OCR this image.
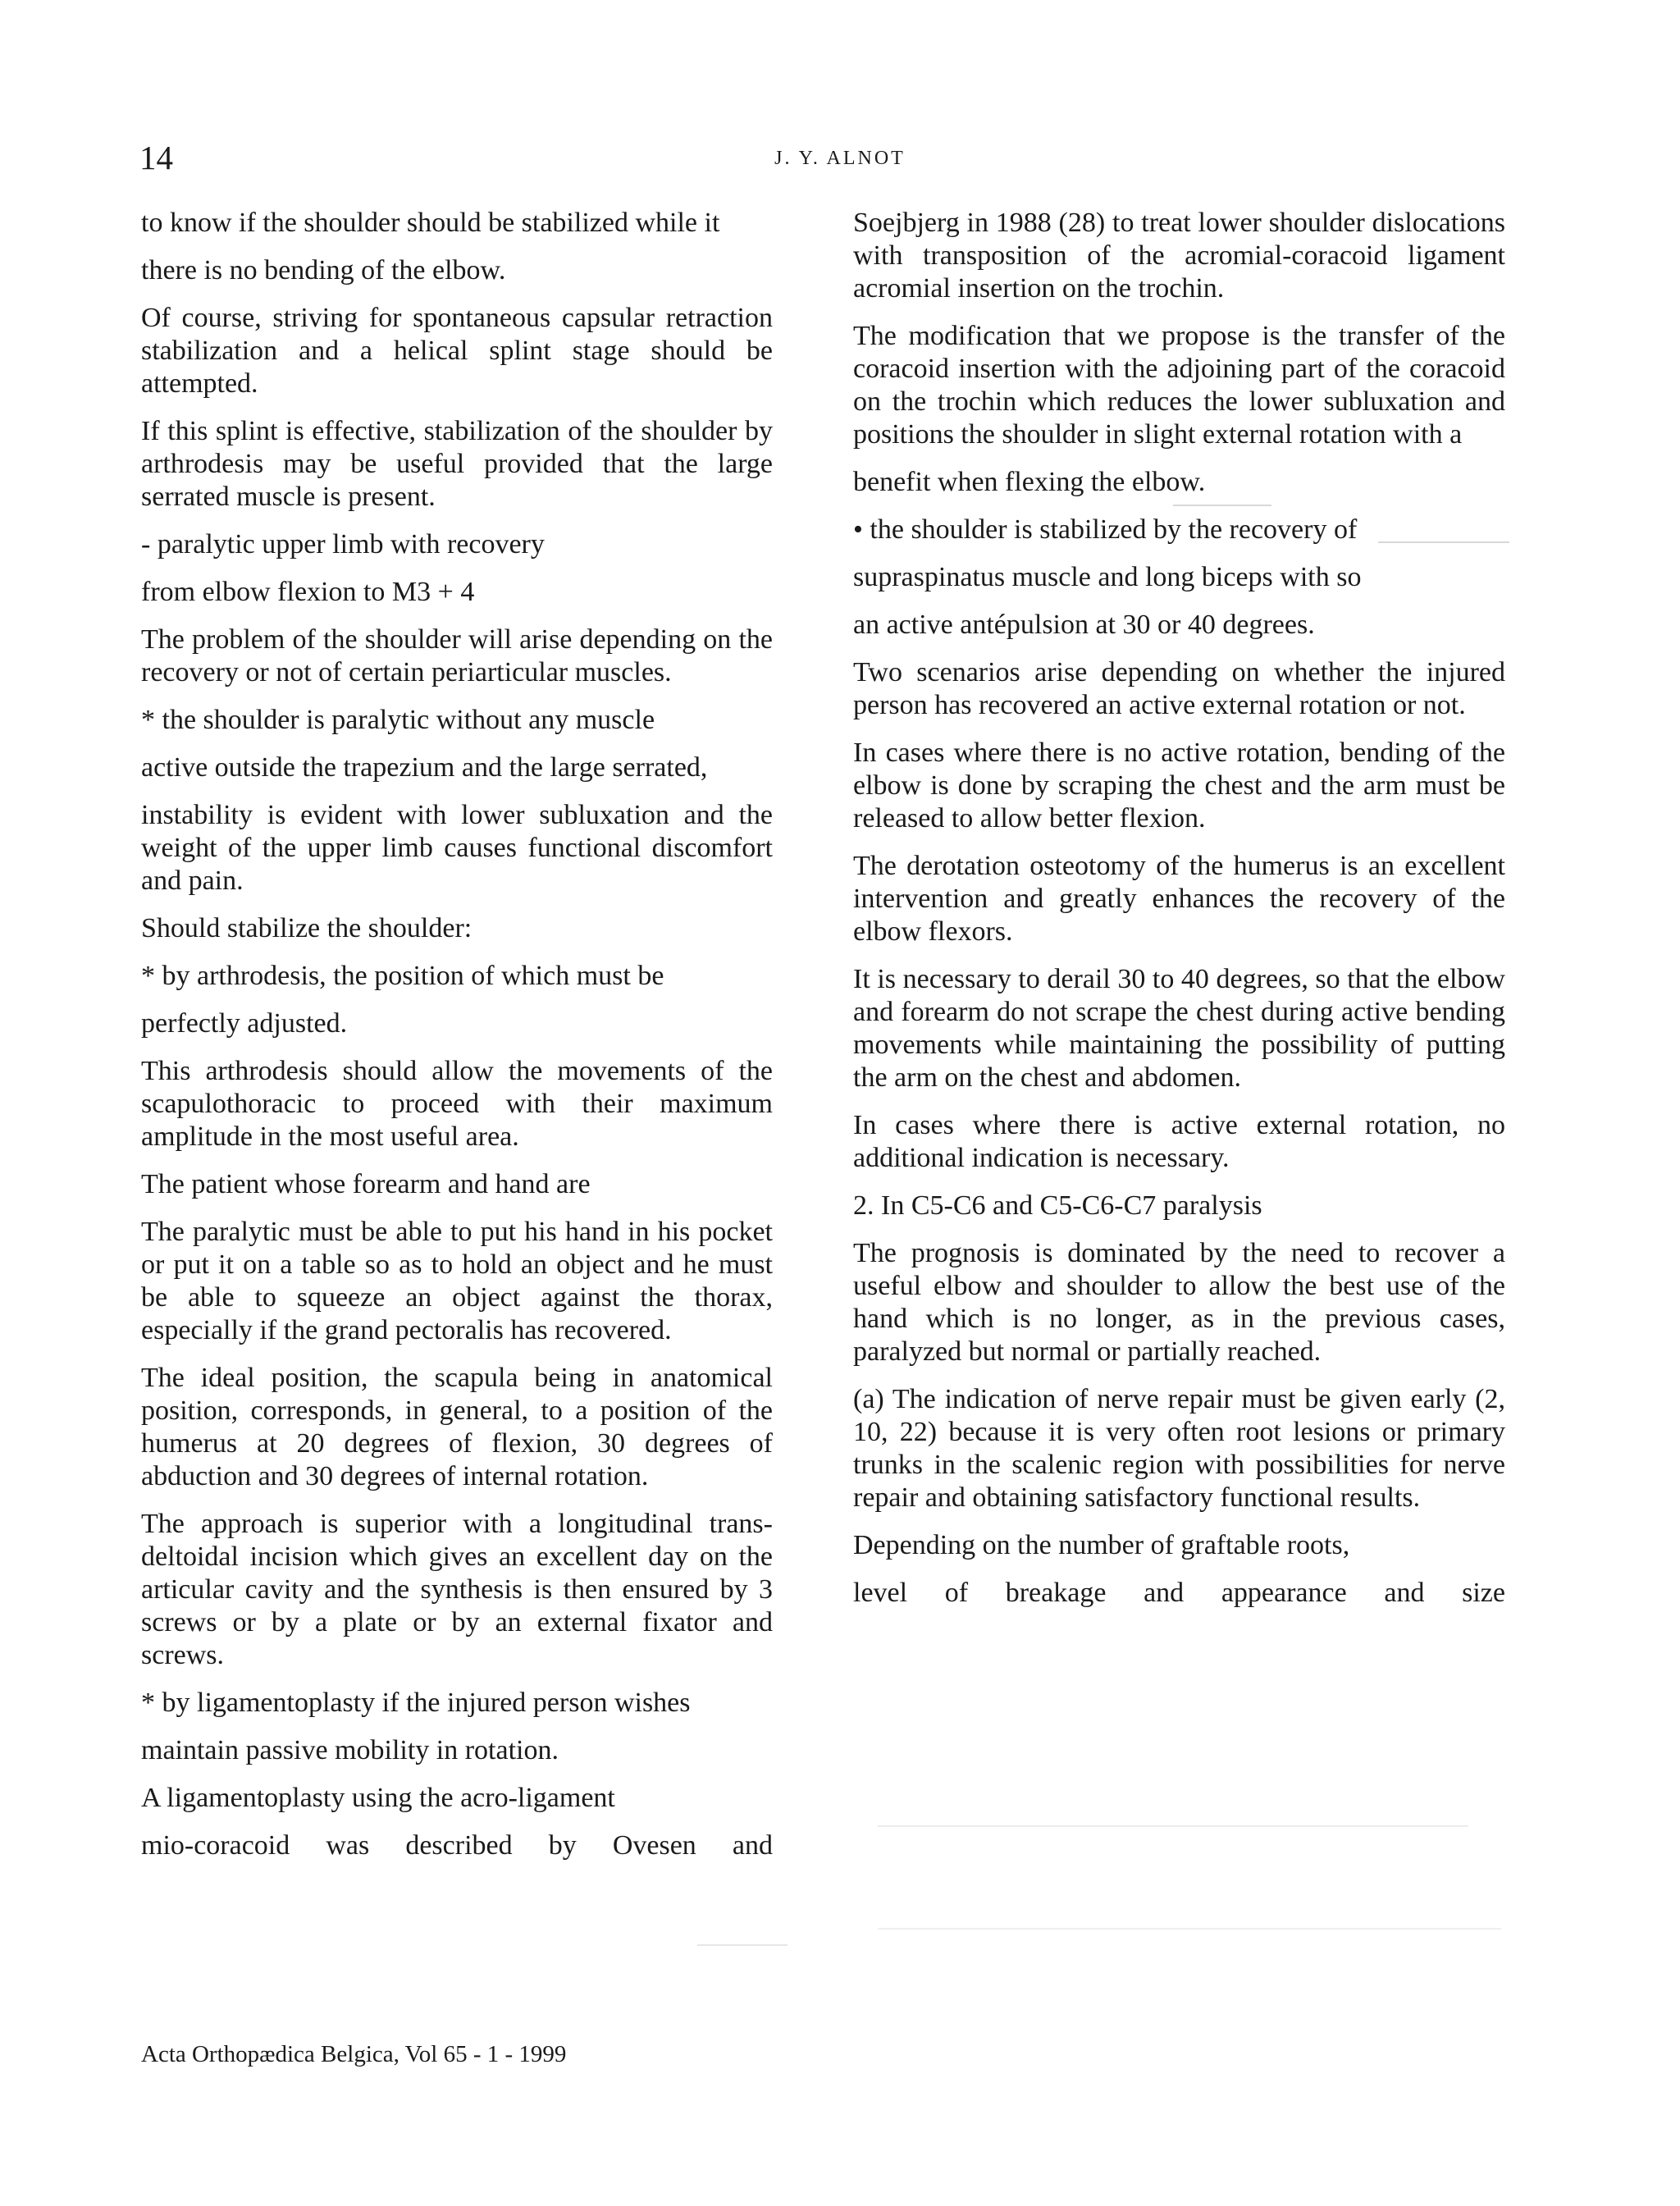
14	J. Y. ALNOT

to know if the shoulder should be stabilized while it

there is no bending of the elbow.

Of course, striving for spontaneous capsular retraction stabilization and a helical splint stage should be attempted.

If this splint is effective, stabilization of the shoulder by arthrodesis may be useful provided that the large serrated muscle is present.

- paralytic upper limb with recovery

from elbow flexion to M3 + 4

The problem of the shoulder will arise depending on the recovery or not of certain periarticular muscles.

* the shoulder is paralytic without any muscle

active outside the trapezium and the large serrated,

instability is evident with lower subluxation and the weight of the upper limb causes functional discomfort and pain.

Should stabilize the shoulder:

* by arthrodesis, the position of which must be

perfectly adjusted.

This arthrodesis should allow the movements of the scapulothoracic to proceed with their maximum amplitude in the most useful area.

The patient whose forearm and hand are

The paralytic must be able to put his hand in his pocket or put it on a table so as to hold an object and he must be able to squeeze an object against the thorax, especially if the grand pectoralis has recovered.

The ideal position, the scapula being in anatomical position, corresponds, in general, to a position of the humerus at 20 degrees of flexion, 30 degrees of abduction and 30 degrees of internal rotation.

The approach is superior with a longitudinal trans-deltoidal incision which gives an excellent day on the articular cavity and the synthesis is then ensured by 3 screws or by a plate or by an external fixator and screws.

* by ligamentoplasty if the injured person wishes

maintain passive mobility in rotation.

A ligamentoplasty using the acro-ligament

mio-coracoid was described by Ovesen and

Soejbjerg in 1988 (28) to treat lower shoulder dislocations with transposition of the acromial-coracoid ligament acromial insertion on the trochin.

The modification that we propose is the transfer of the coracoid insertion with the adjoining part of the coracoid on the trochin which reduces the lower subluxation and positions the shoulder in slight external rotation with a

benefit when flexing the elbow.

• the shoulder is stabilized by the recovery of

supraspinatus muscle and long biceps with so

an active antépulsion at 30 or 40 degrees.

Two scenarios arise depending on whether the injured person has recovered an active external rotation or not.

In cases where there is no active rotation, bending of the elbow is done by scraping the chest and the arm must be released to allow better flexion.

The derotation osteotomy of the humerus is an excellent intervention and greatly enhances the recovery of the elbow flexors.

It is necessary to derail 30 to 40 degrees, so that the elbow and forearm do not scrape the chest during active bending movements while maintaining the possibility of putting the arm on the chest and abdomen.

In cases where there is active external rotation, no additional indication is necessary.

2. In C5-C6 and C5-C6-C7 paralysis

The prognosis is dominated by the need to recover a useful elbow and shoulder to allow the best use of the hand which is no longer, as in the previous cases, paralyzed but normal or partially reached.

(a) The indication of nerve repair must be given early (2, 10, 22) because it is very often root lesions or primary trunks in the scalenic region with possibilities for nerve repair and obtaining satisfactory functional results.

Depending on the number of graftable roots,

level of breakage and appearance and size

Acta Orthopædica Belgica, Vol 65 - 1 - 1999
